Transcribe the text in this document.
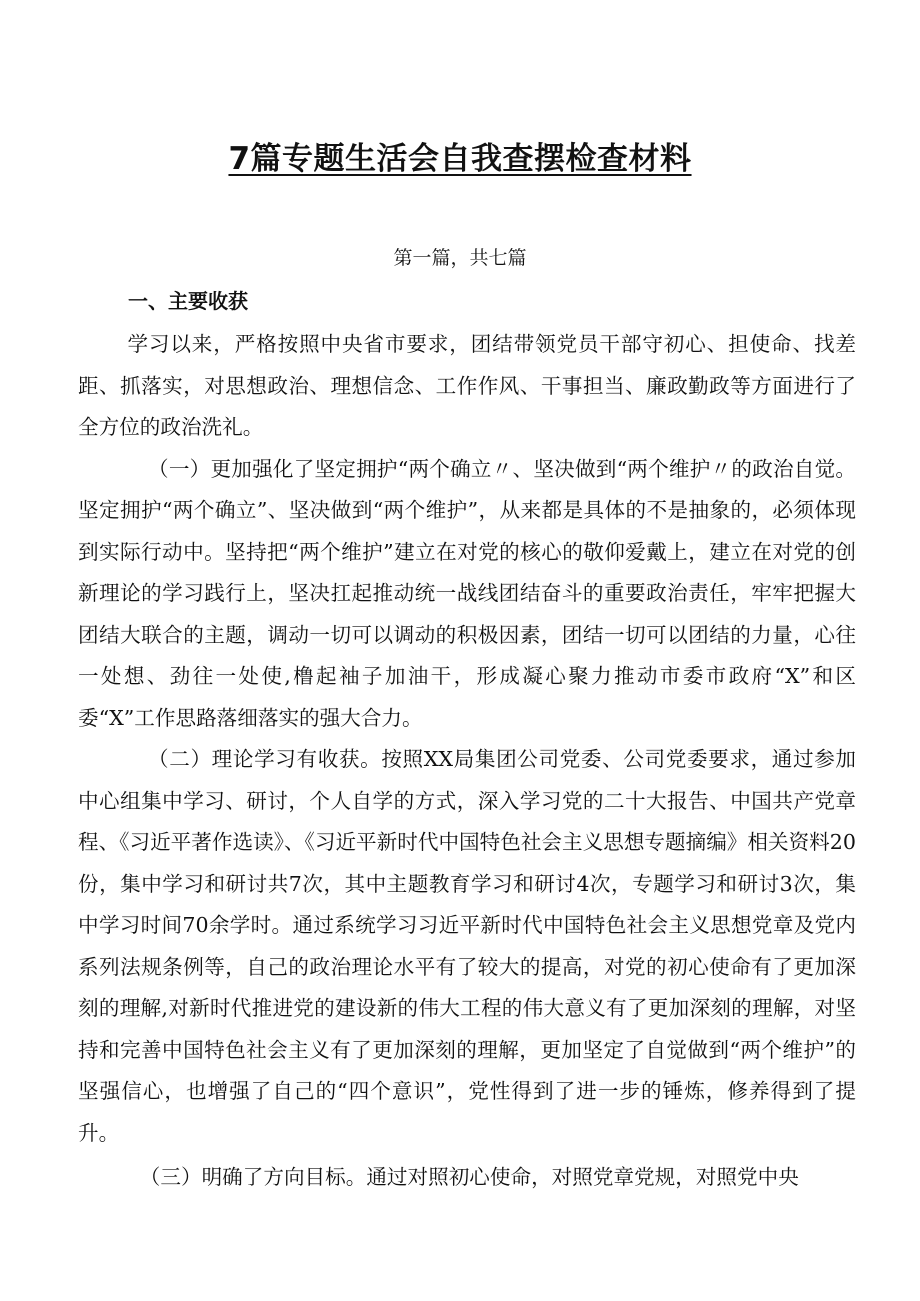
7篇专题生活会自我查摆检查材料
第一篇，共七篇
一、主要收获

学习以来，严格按照中央省市要求，团结带领党员干部守初心、担使命、找差距、抓落实，对思想政治、理想信念、工作作风、干事担当、廉政勤政等方面进行了全方位的政治洗礼。

（一）更加强化了坚定拥护“两个确立〃、坚决做到“两个维护〃的政治自觉。坚定拥护“两个确立”、坚决做到“两个维护”，从来都是具体的不是抽象的，必须体现到实际行动中。坚持把“两个维护”建立在对党的核心的敬仰爱戴上，建立在对党的创新理论的学习践行上，坚决扛起推动统一战线团结奋斗的重要政治责任，牢牢把握大团结大联合的主题，调动一切可以调动的积极因素，团结一切可以团结的力量，心往一处想、劲往一处使,橹起袖子加油干，形成凝心聚力推动市委市政府“X”和区委“X”工作思路落细落实的强大合力。

（二）理论学习有收获。按照XX局集团公司党委、公司党委要求，通过参加中心组集中学习、研讨，个人自学的方式，深入学习党的二十大报告、中国共产党章程、《习近平著作选读》、《习近平新时代中国特色社会主义思想专题摘编》相关资料20份，集中学习和研讨共7次，其中主题教育学习和研讨4次，专题学习和研讨3次，集中学习时间70余学时。通过系统学习习近平新时代中国特色社会主义思想党章及党内系列法规条例等，自己的政治理论水平有了较大的提高，对党的初心使命有了更加深刻的理解,对新时代推进党的建设新的伟大工程的伟大意义有了更加深刻的理解，对坚持和完善中国特色社会主义有了更加深刻的理解，更加坚定了自觉做到“两个维护”的坚强信心，也增强了自己的“四个意识”，党性得到了进一步的锤炼，修养得到了提升。

（三）明确了方向目标。通过对照初心使命，对照党章党规，对照党中央
